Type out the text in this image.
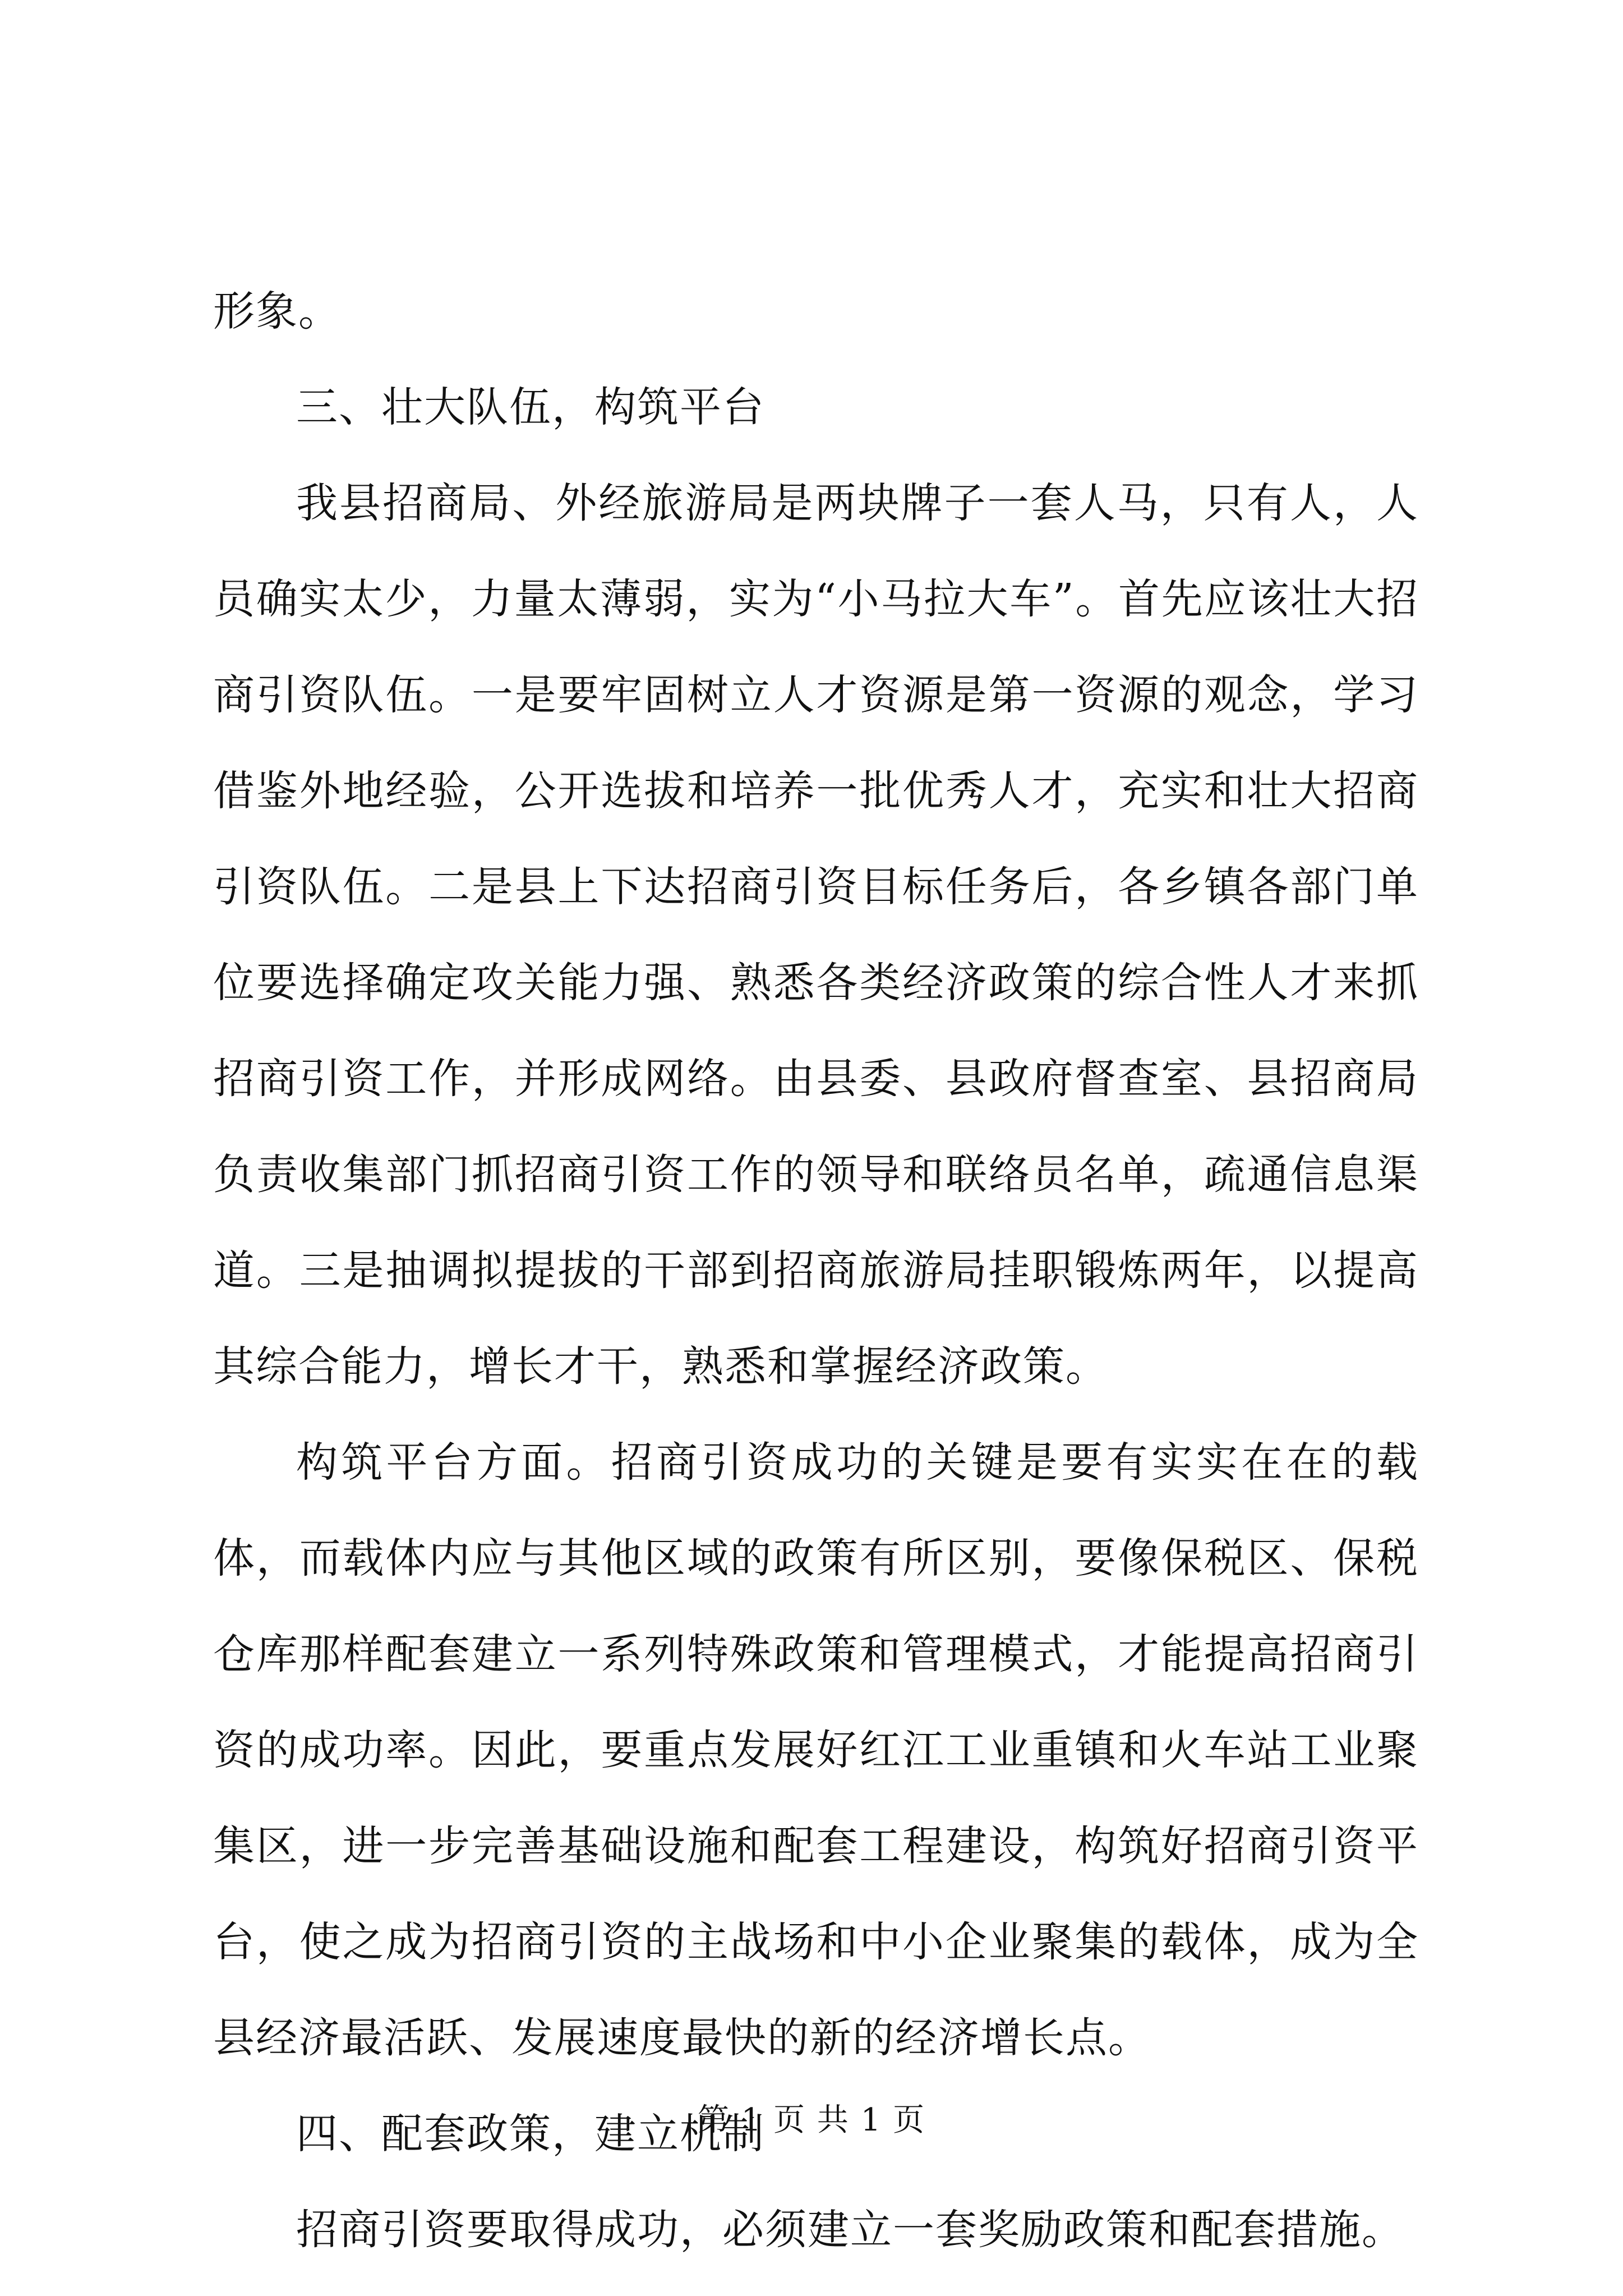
形象。

三、壮大队伍，构筑平台

我县招商局、外经旅游局是两块牌子一套人马，只有人，人员确实太少，力量太薄弱，实为“小马拉大车”。首先应该壮大招商引资队伍。一是要牢固树立人才资源是第一资源的观念，学习借鉴外地经验，公开选拔和培养一批优秀人才，充实和壮大招商引资队伍。二是县上下达招商引资目标任务后，各乡镇各部门单位要选择确定攻关能力强、熟悉各类经济政策的综合性人才来抓招商引资工作，并形成网络。由县委、县政府督查室、县招商局负责收集部门抓招商引资工作的领导和联络员名单，疏通信息渠道。三是抽调拟提拔的干部到招商旅游局挂职锻炼两年，以提高其综合能力，增长才干，熟悉和掌握经济政策。

构筑平台方面。招商引资成功的关键是要有实实在在的载体，而载体内应与其他区域的政策有所区别，要像保税区、保税仓库那样配套建立一系列特殊政策和管理模式，才能提高招商引资的成功率。因此，要重点发展好红江工业重镇和火车站工业聚集区，进一步完善基础设施和配套工程建设，构筑好招商引资平台，使之成为招商引资的主战场和中小企业聚集的载体，成为全县经济最活跃、发展速度最快的新的经济增长点。

四、配套政策，建立机制

招商引资要取得成功，必须建立一套奖励政策和配套措施。

第 1 页 共 1 页
